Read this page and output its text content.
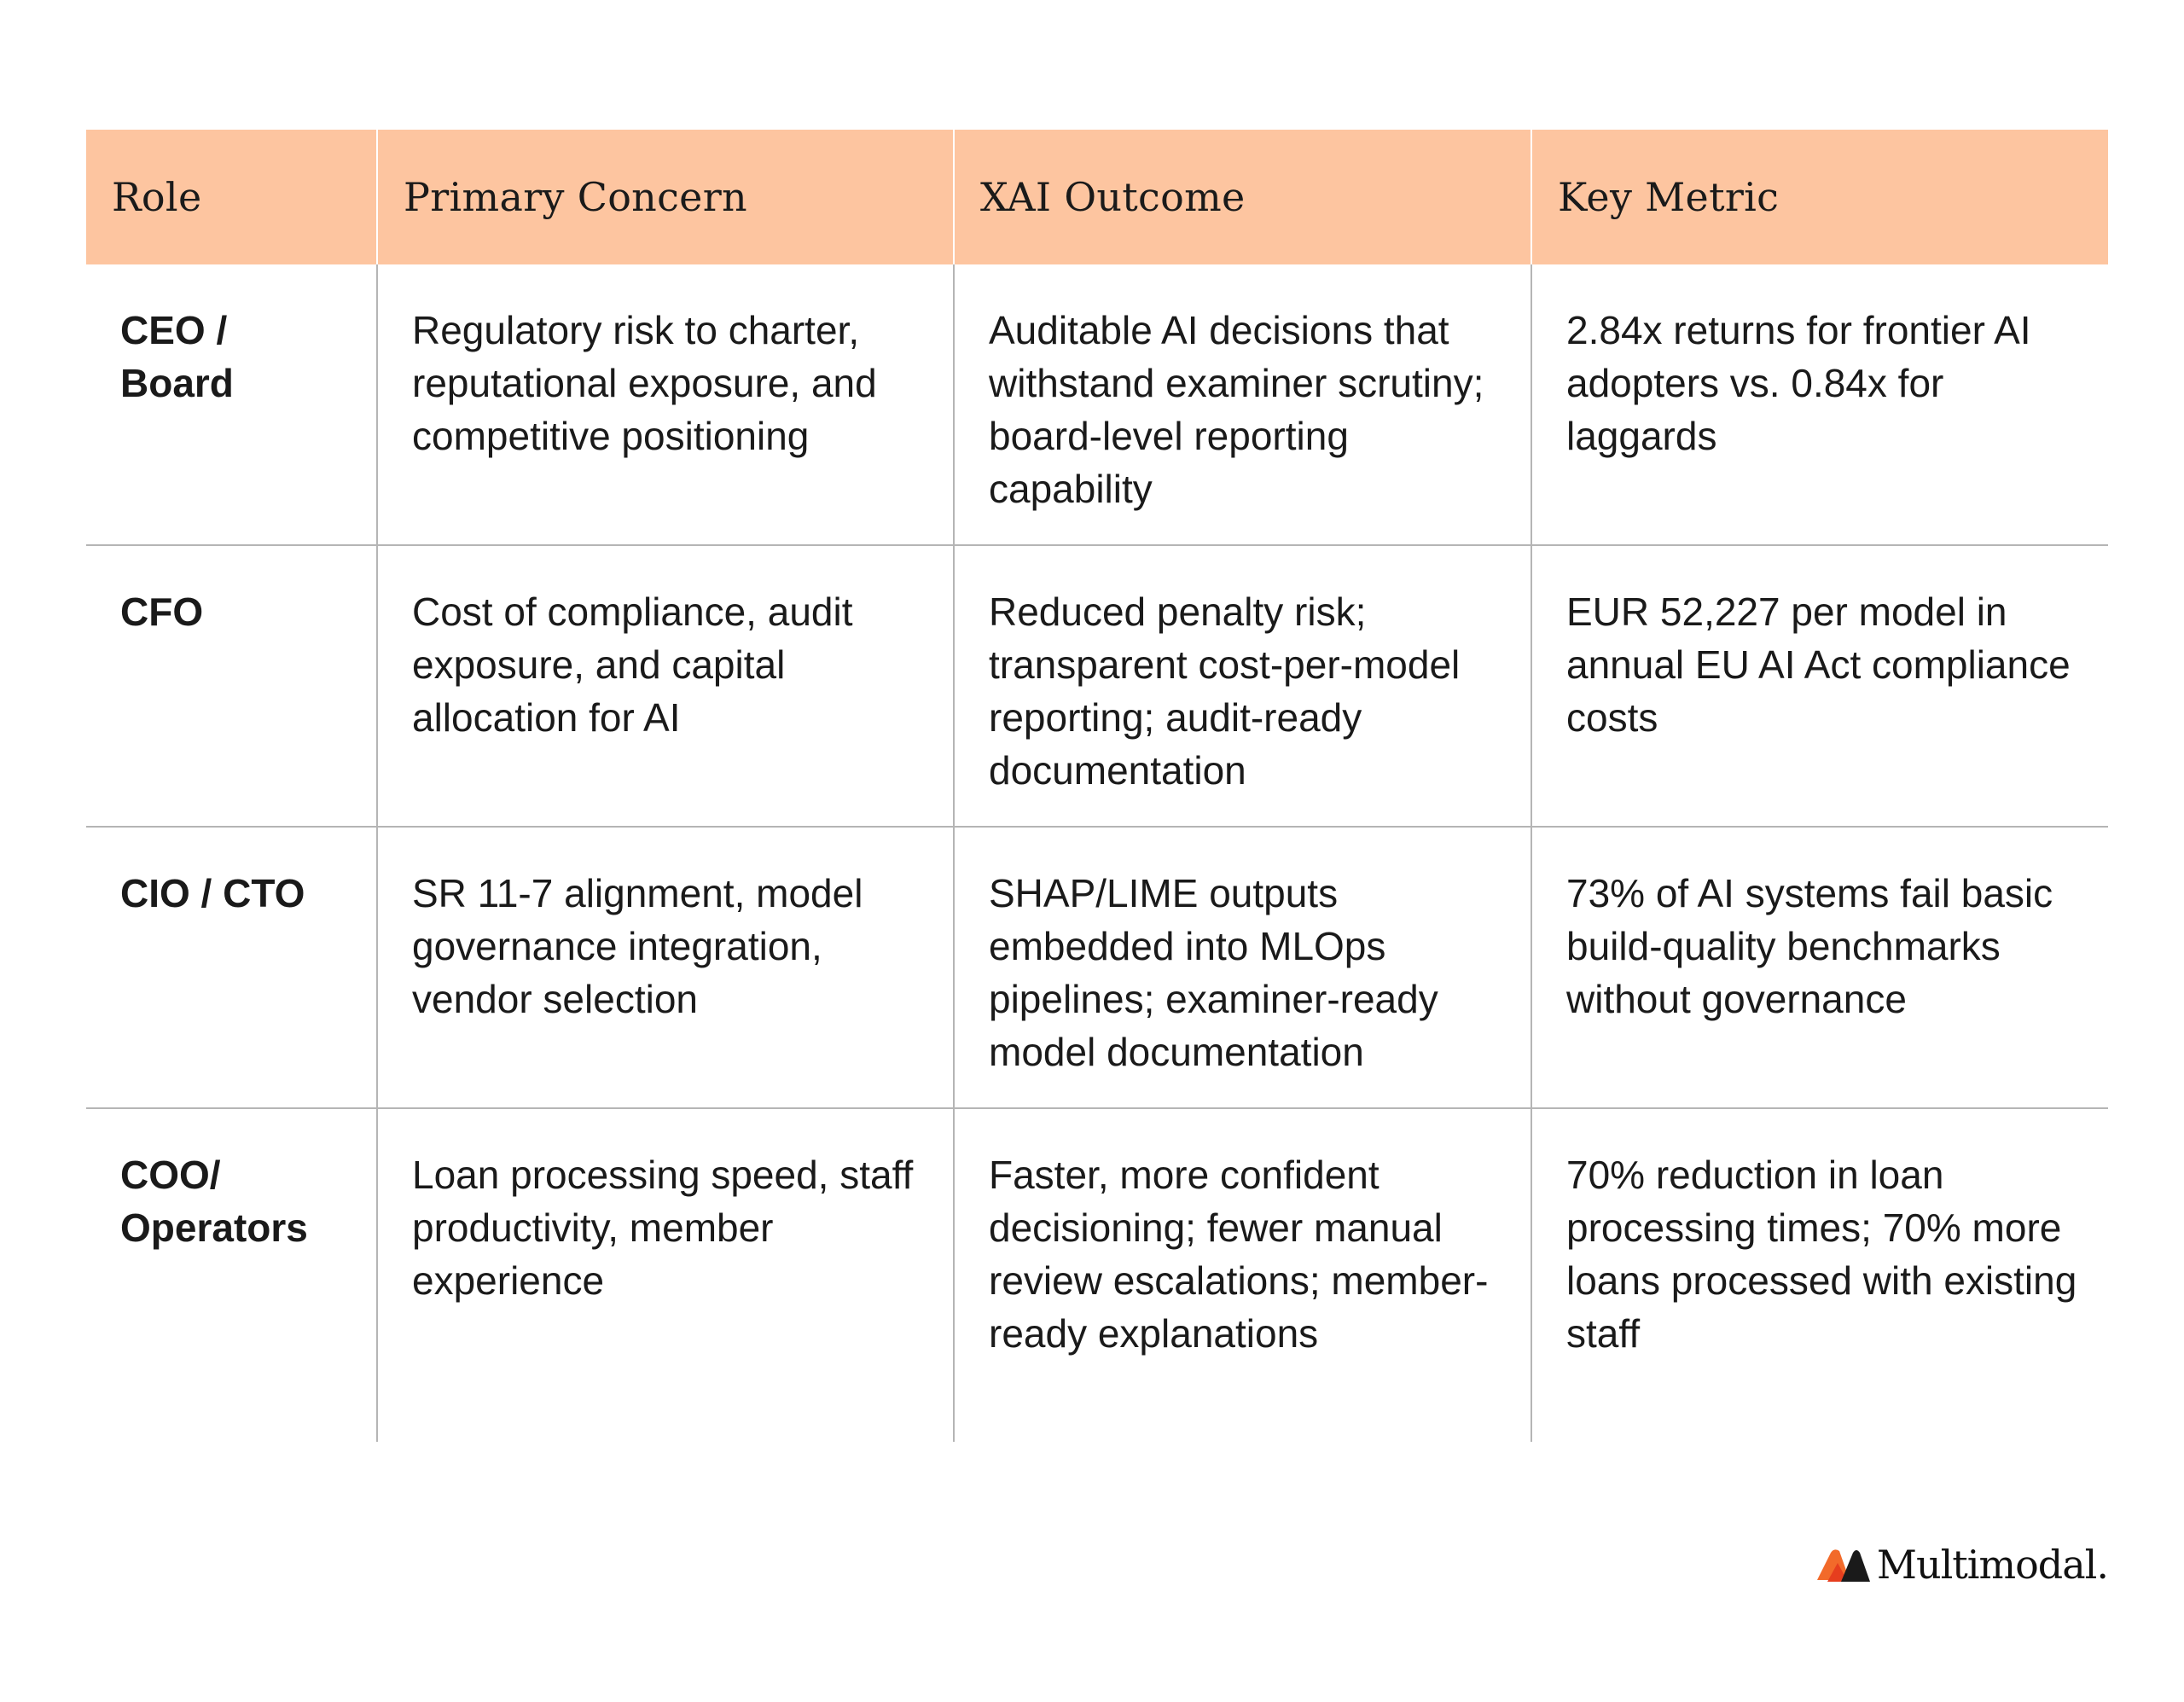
Role	Primary Concern	XAI Outcome	Key Metric
CEO / Board	Regulatory risk to charter, reputational exposure, and competitive positioning	Auditable AI decisions that withstand examiner scrutiny; board-level reporting capability	2.84x returns for frontier AI adopters vs. 0.84x for laggards
CFO	Cost of compliance, audit exposure, and capital allocation for AI	Reduced penalty risk; transparent cost-per-model reporting; audit-ready documentation	EUR 52,227 per model in annual EU AI Act compliance costs
CIO / CTO	SR 11-7 alignment, model governance integration, vendor selection	SHAP/LIME outputs embedded into MLOps pipelines; examiner-ready model documentation	73% of AI systems fail basic build-quality benchmarks without governance
COO/ Operators	Loan processing speed, staff productivity, member experience	Faster, more confident decisioning; fewer manual review escalations; member-ready explanations	70% reduction in loan processing times; 70% more loans processed with existing staff
Multimodal.
